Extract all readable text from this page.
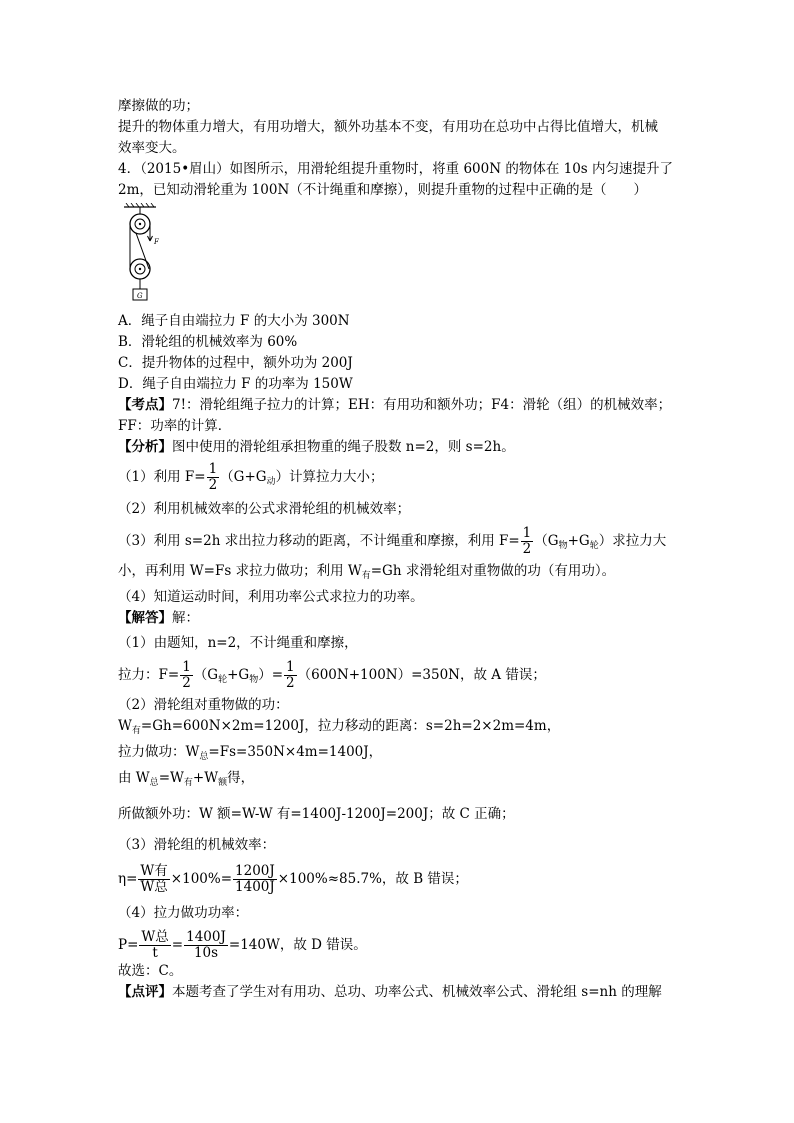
摩擦做的功；
提升的物体重力增大，有用功增大，额外功基本不变，有用功在总功中占得比值增大，机械
效率变大。
4．（2015•眉山）如图所示，用滑轮组提升重物时，将重 600N 的物体在 10s 内匀速提升了
2m，已知动滑轮重为 100N（不计绳重和摩擦），则提升重物的过程中正确的是（　　）
F
G
A．绳子自由端拉力 F 的大小为 300N
B．滑轮组的机械效率为 60%
C．提升物体的过程中，额外功为 200J
D．绳子自由端拉力 F 的功率为 150W
【考点】7!：滑轮组绳子拉力的计算；EH：有用功和额外功；F4：滑轮（组）的机械效率；
FF：功率的计算．
【分析】图中使用的滑轮组承担物重的绳子股数 n=2，则 s=2h。
（1）利用 $F= \frac{1}{2} (G+G_动)$计算拉力大小；
（2）利用机械效率的公式求滑轮组的机械效率；
（3）利用 s=2h 求出拉力移动的距离，不计绳重和摩擦，利用 $F= \frac{1}{2} (G_物+G_轮)$求拉力大
小，再利用 W=Fs 求拉力做功；利用 $W_有=Gh$ 求滑轮组对重物做的功（有用功）。
（4）知道运动时间，利用功率公式求拉力的功率。
【解答】解：
（1）由题知，n=2，不计绳重和摩擦，
拉力：$F= \frac{1}{2} (G_轮+G_物)= \frac{1}{2} (600N+100N)=350N$，故 A 错误；
（2）滑轮组对重物做的功：
$W_有=Gh=600N\times 2m=1200J$，拉力移动的距离：s=2h=2×2m=4m，
拉力做功：$W_总=Fs=350N\times 4m=1400J$，
由 $W_总=W_有+W_额$得，
所做额外功：W 额=W-W 有=1400J-1200J=200J；故 C 正确；
（3）滑轮组的机械效率：
$\eta= \frac{\text{W有}}{\text{W总}} \times 100\%= \frac{1200J}{1400J} \times 100\%\approx 85.7\%$，故 B 错误；
（4）拉力做功功率：
$P= \frac{\text{W总}}{t} = \frac{1400J}{10s} =140W$，故 D 错误。
故选：C。
【点评】本题考查了学生对有用功、总功、功率公式、机械效率公式、滑轮组 s=nh 的理解
